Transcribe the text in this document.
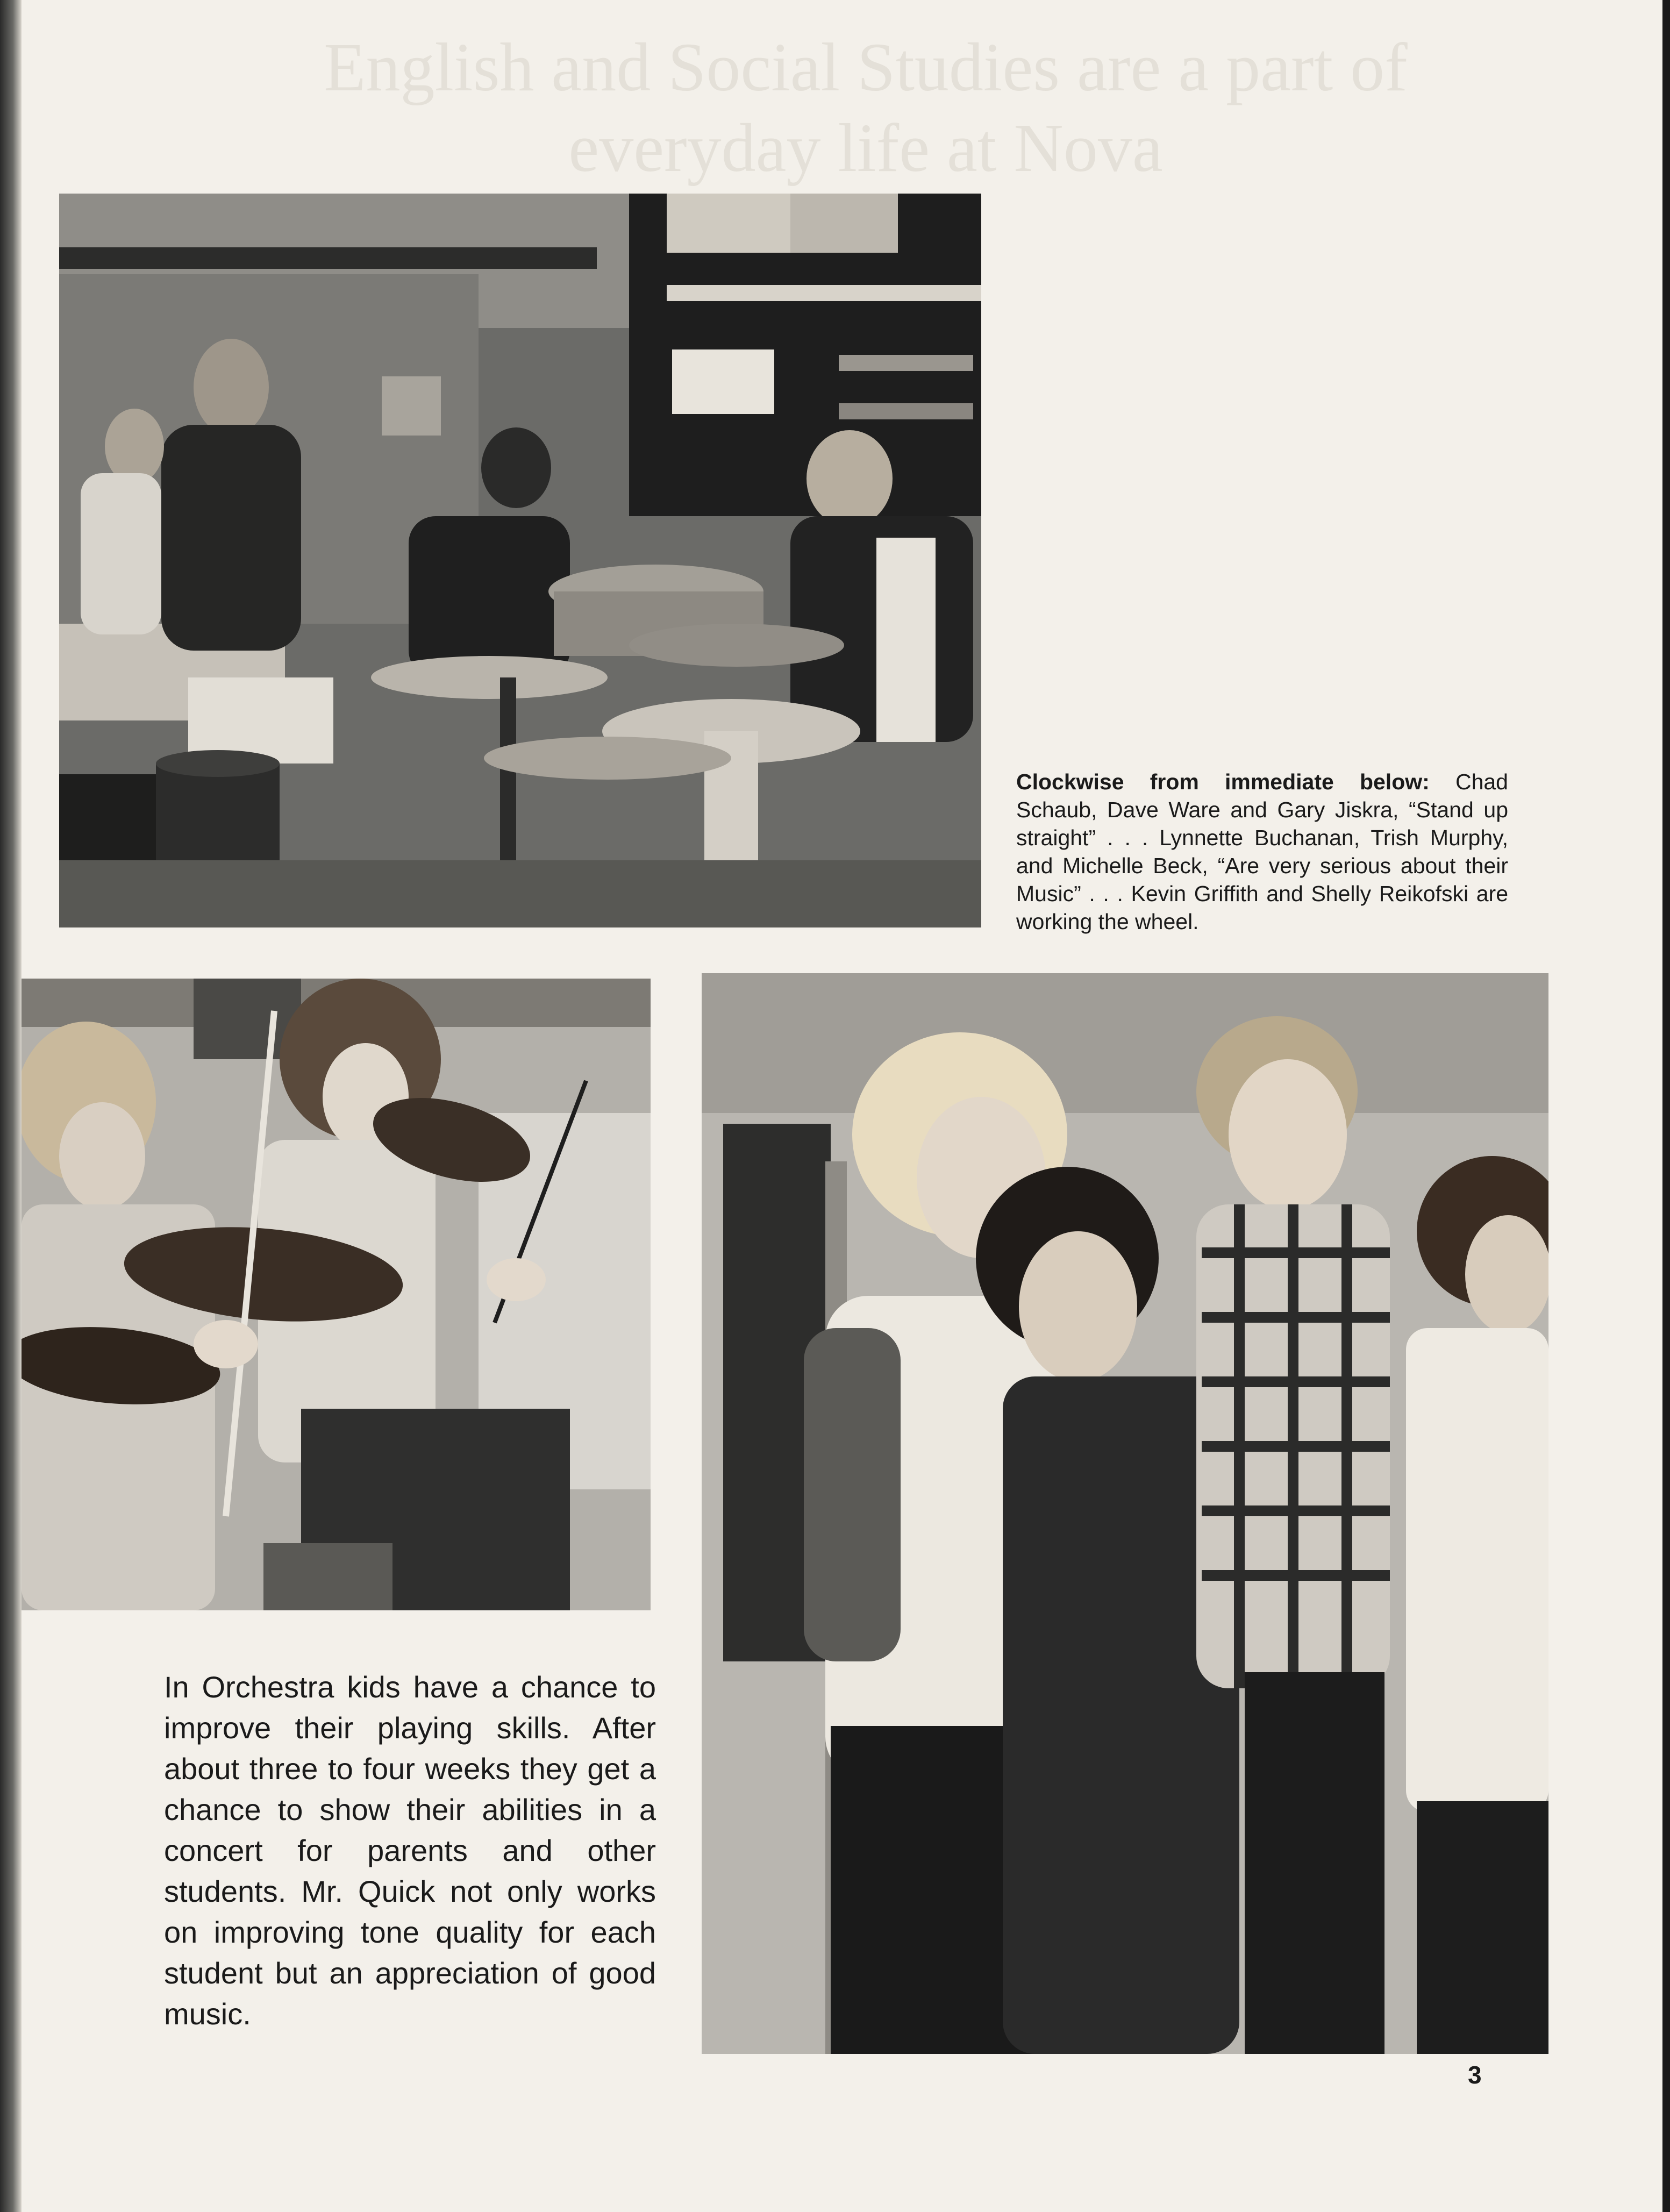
English and Social Studies are a part of everyday life at Nova
Clockwise from immediate below: Chad Schaub, Dave Ware and Gary Jiskra, “Stand up straight” . . . Lynnette Buchanan, Trish Murphy, and Michelle Beck, “Are very serious about their Music” . . . Kevin Griffith and Shelly Reikofski are working the wheel.
In Orchestra kids have a chance to improve their playing skills. After about three to four weeks they get a chance to show their abilities in a concert for parents and other students. Mr. Quick not only works on improving tone quality for each student but an appreciation of good music.
3
